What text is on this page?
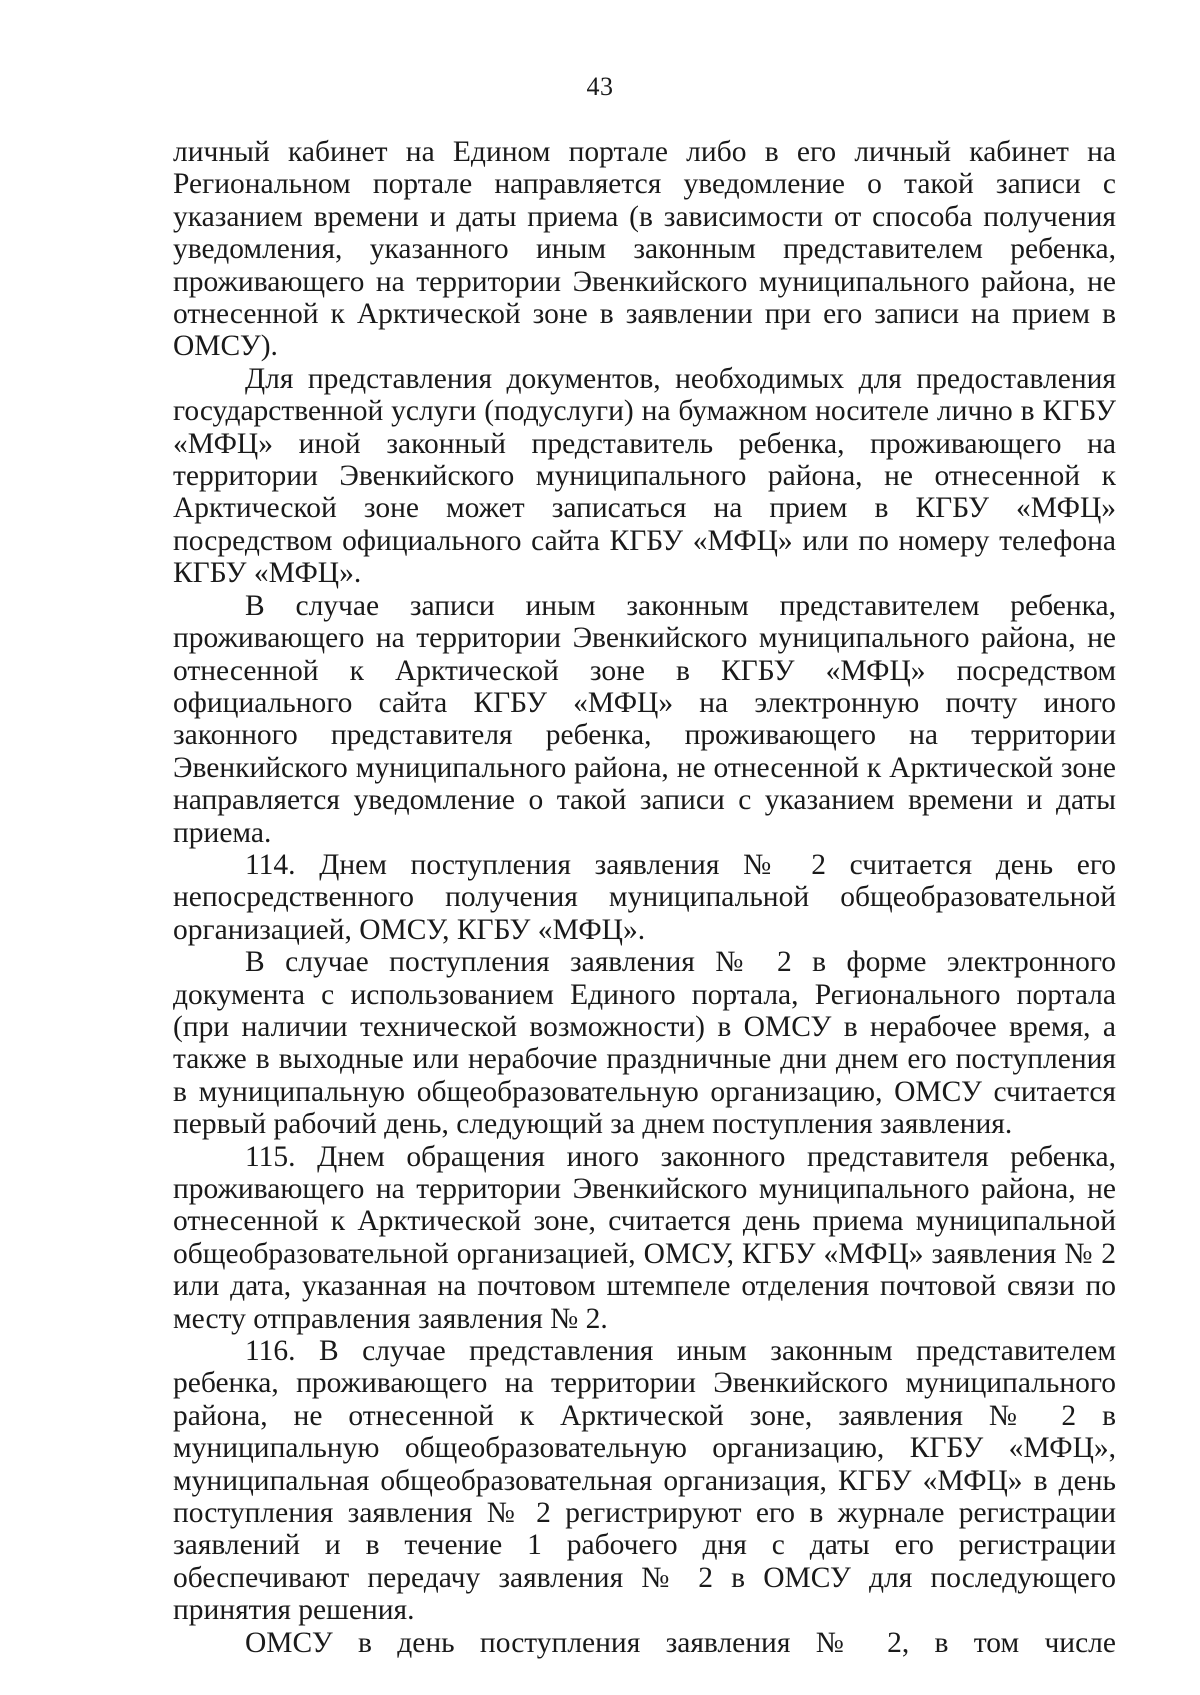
43

личный кабинет на Едином портале либо в его личный кабинет на Региональном портале направляется уведомление о такой записи с указанием времени и даты приема (в зависимости от способа получения уведомления, указанного иным законным представителем ребенка, проживающего на территории Эвенкийского муниципального района, не отнесенной к Арктической зоне в заявлении при его записи на прием в ОМСУ).

Для представления документов, необходимых для предоставления государственной услуги (подуслуги) на бумажном носителе лично в КГБУ «МФЦ» иной законный представитель ребенка, проживающего на территории Эвенкийского муниципального района, не отнесенной к Арктической зоне может записаться на прием в КГБУ «МФЦ» посредством официального сайта КГБУ «МФЦ» или по номеру телефона КГБУ «МФЦ».

В случае записи иным законным представителем ребенка, проживающего на территории Эвенкийского муниципального района, не отнесенной к Арктической зоне в КГБУ «МФЦ» посредством официального сайта КГБУ «МФЦ» на электронную почту иного законного представителя ребенка, проживающего на территории Эвенкийского муниципального района, не отнесенной к Арктической зоне направляется уведомление о такой записи с указанием времени и даты приема.

114. Днем поступления заявления № 2 считается день его непосредственного получения муниципальной общеобразовательной организацией, ОМСУ, КГБУ «МФЦ».

В случае поступления заявления № 2 в форме электронного документа с использованием Единого портала, Регионального портала (при наличии технической возможности) в ОМСУ в нерабочее время, а также в выходные или нерабочие праздничные дни днем его поступления в муниципальную общеобразовательную организацию, ОМСУ считается первый рабочий день, следующий за днем поступления заявления.

115. Днем обращения иного законного представителя ребенка, проживающего на территории Эвенкийского муниципального района, не отнесенной к Арктической зоне, считается день приема муниципальной общеобразовательной организацией, ОМСУ, КГБУ «МФЦ» заявления № 2 или дата, указанная на почтовом штемпеле отделения почтовой связи по месту отправления заявления № 2.

116. В случае представления иным законным представителем ребенка, проживающего на территории Эвенкийского муниципального района, не отнесенной к Арктической зоне, заявления № 2 в муниципальную общеобразовательную организацию, КГБУ «МФЦ», муниципальная общеобразовательная организация, КГБУ «МФЦ» в день поступления заявления № 2 регистрируют его в журнале регистрации заявлений и в течение 1 рабочего дня с даты его регистрации обеспечивают передачу заявления № 2 в ОМСУ для последующего принятия решения.

ОМСУ в день поступления заявления № 2, в том числе
